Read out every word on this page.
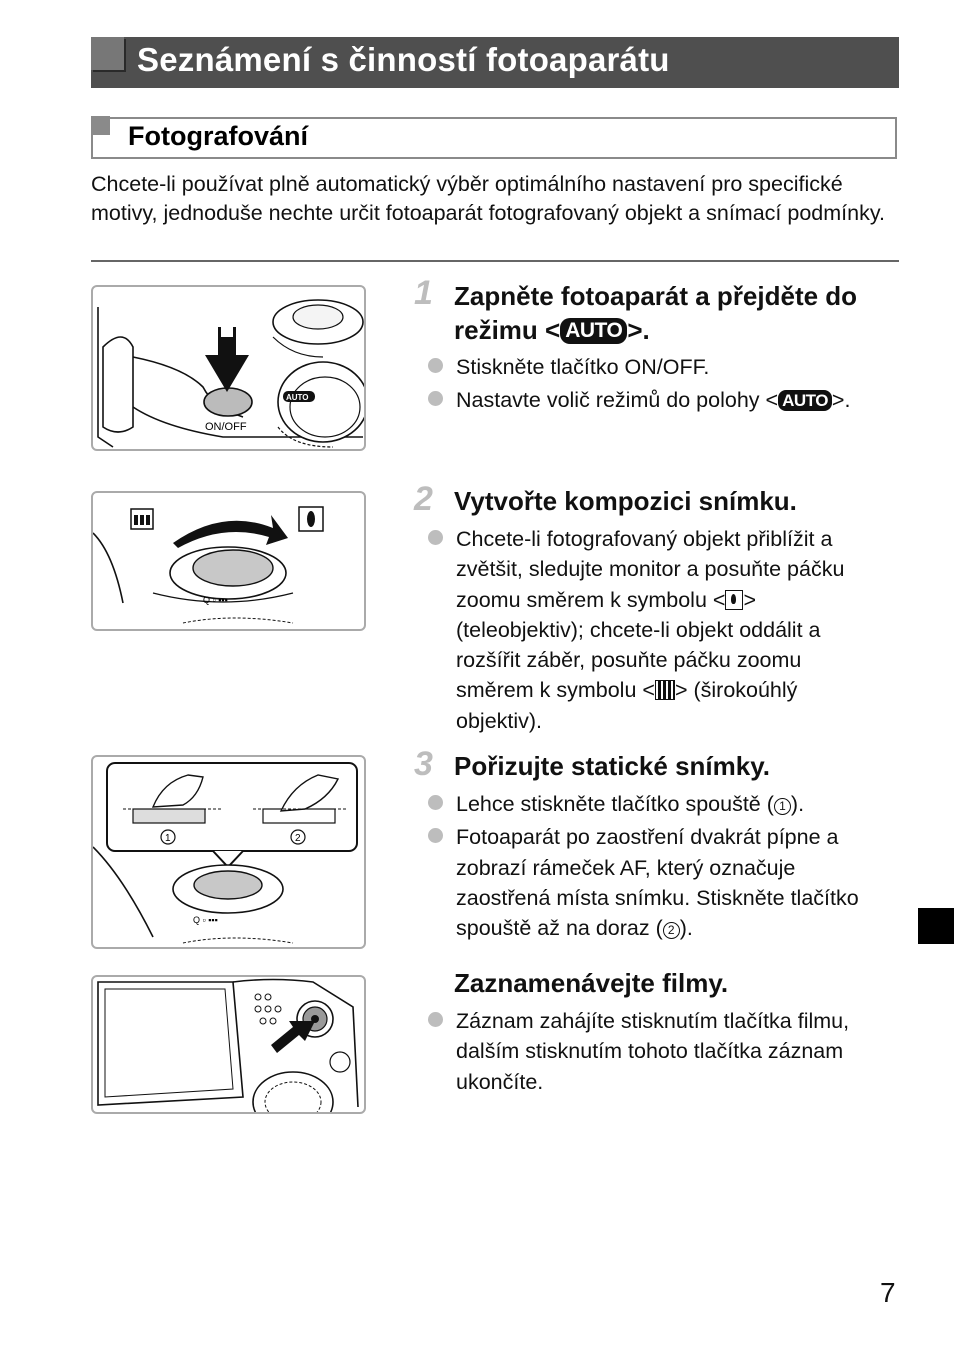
Seznámení s činností fotoaparátu
Fotografování
Chcete-li používat plně automatický výběr optimálního nastavení pro specifické motivy, jednoduše nechte určit fotoaparát fotografovaný objekt a snímací podmínky.
ON/OFF
AUTO
Q ▫ ▪▪▪
1	2
Q ▫ ▪▪▪
1 Zapněte fotoaparát a přejděte do režimu < AUTO >.
Stiskněte tlačítko ON/OFF.
Nastavte volič režimů do polohy < AUTO >.
2 Vytvořte kompozici snímku.
Chcete-li fotografovaný objekt přiblížit a zvětšit, sledujte monitor a posuňte páčku zoomu směrem k symbolu < > (teleobjektiv); chcete-li objekt oddálit a rozšířit záběr, posuňte páčku zoomu směrem k symbolu < > (širokoúhlý objektiv).
3 Pořizujte statické snímky.
Lehce stiskněte tlačítko spouště ( 1 ).
Fotoaparát po zaostření dvakrát pípne a zobrazí rámeček AF, který označuje zaostřená místa snímku. Stiskněte tlačítko spouště až na doraz ( 2 ).
Zaznamenávejte filmy.
Záznam zahájíte stisknutím tlačítka filmu, dalším stisknutím tohoto tlačítka záznam ukončíte.
7
